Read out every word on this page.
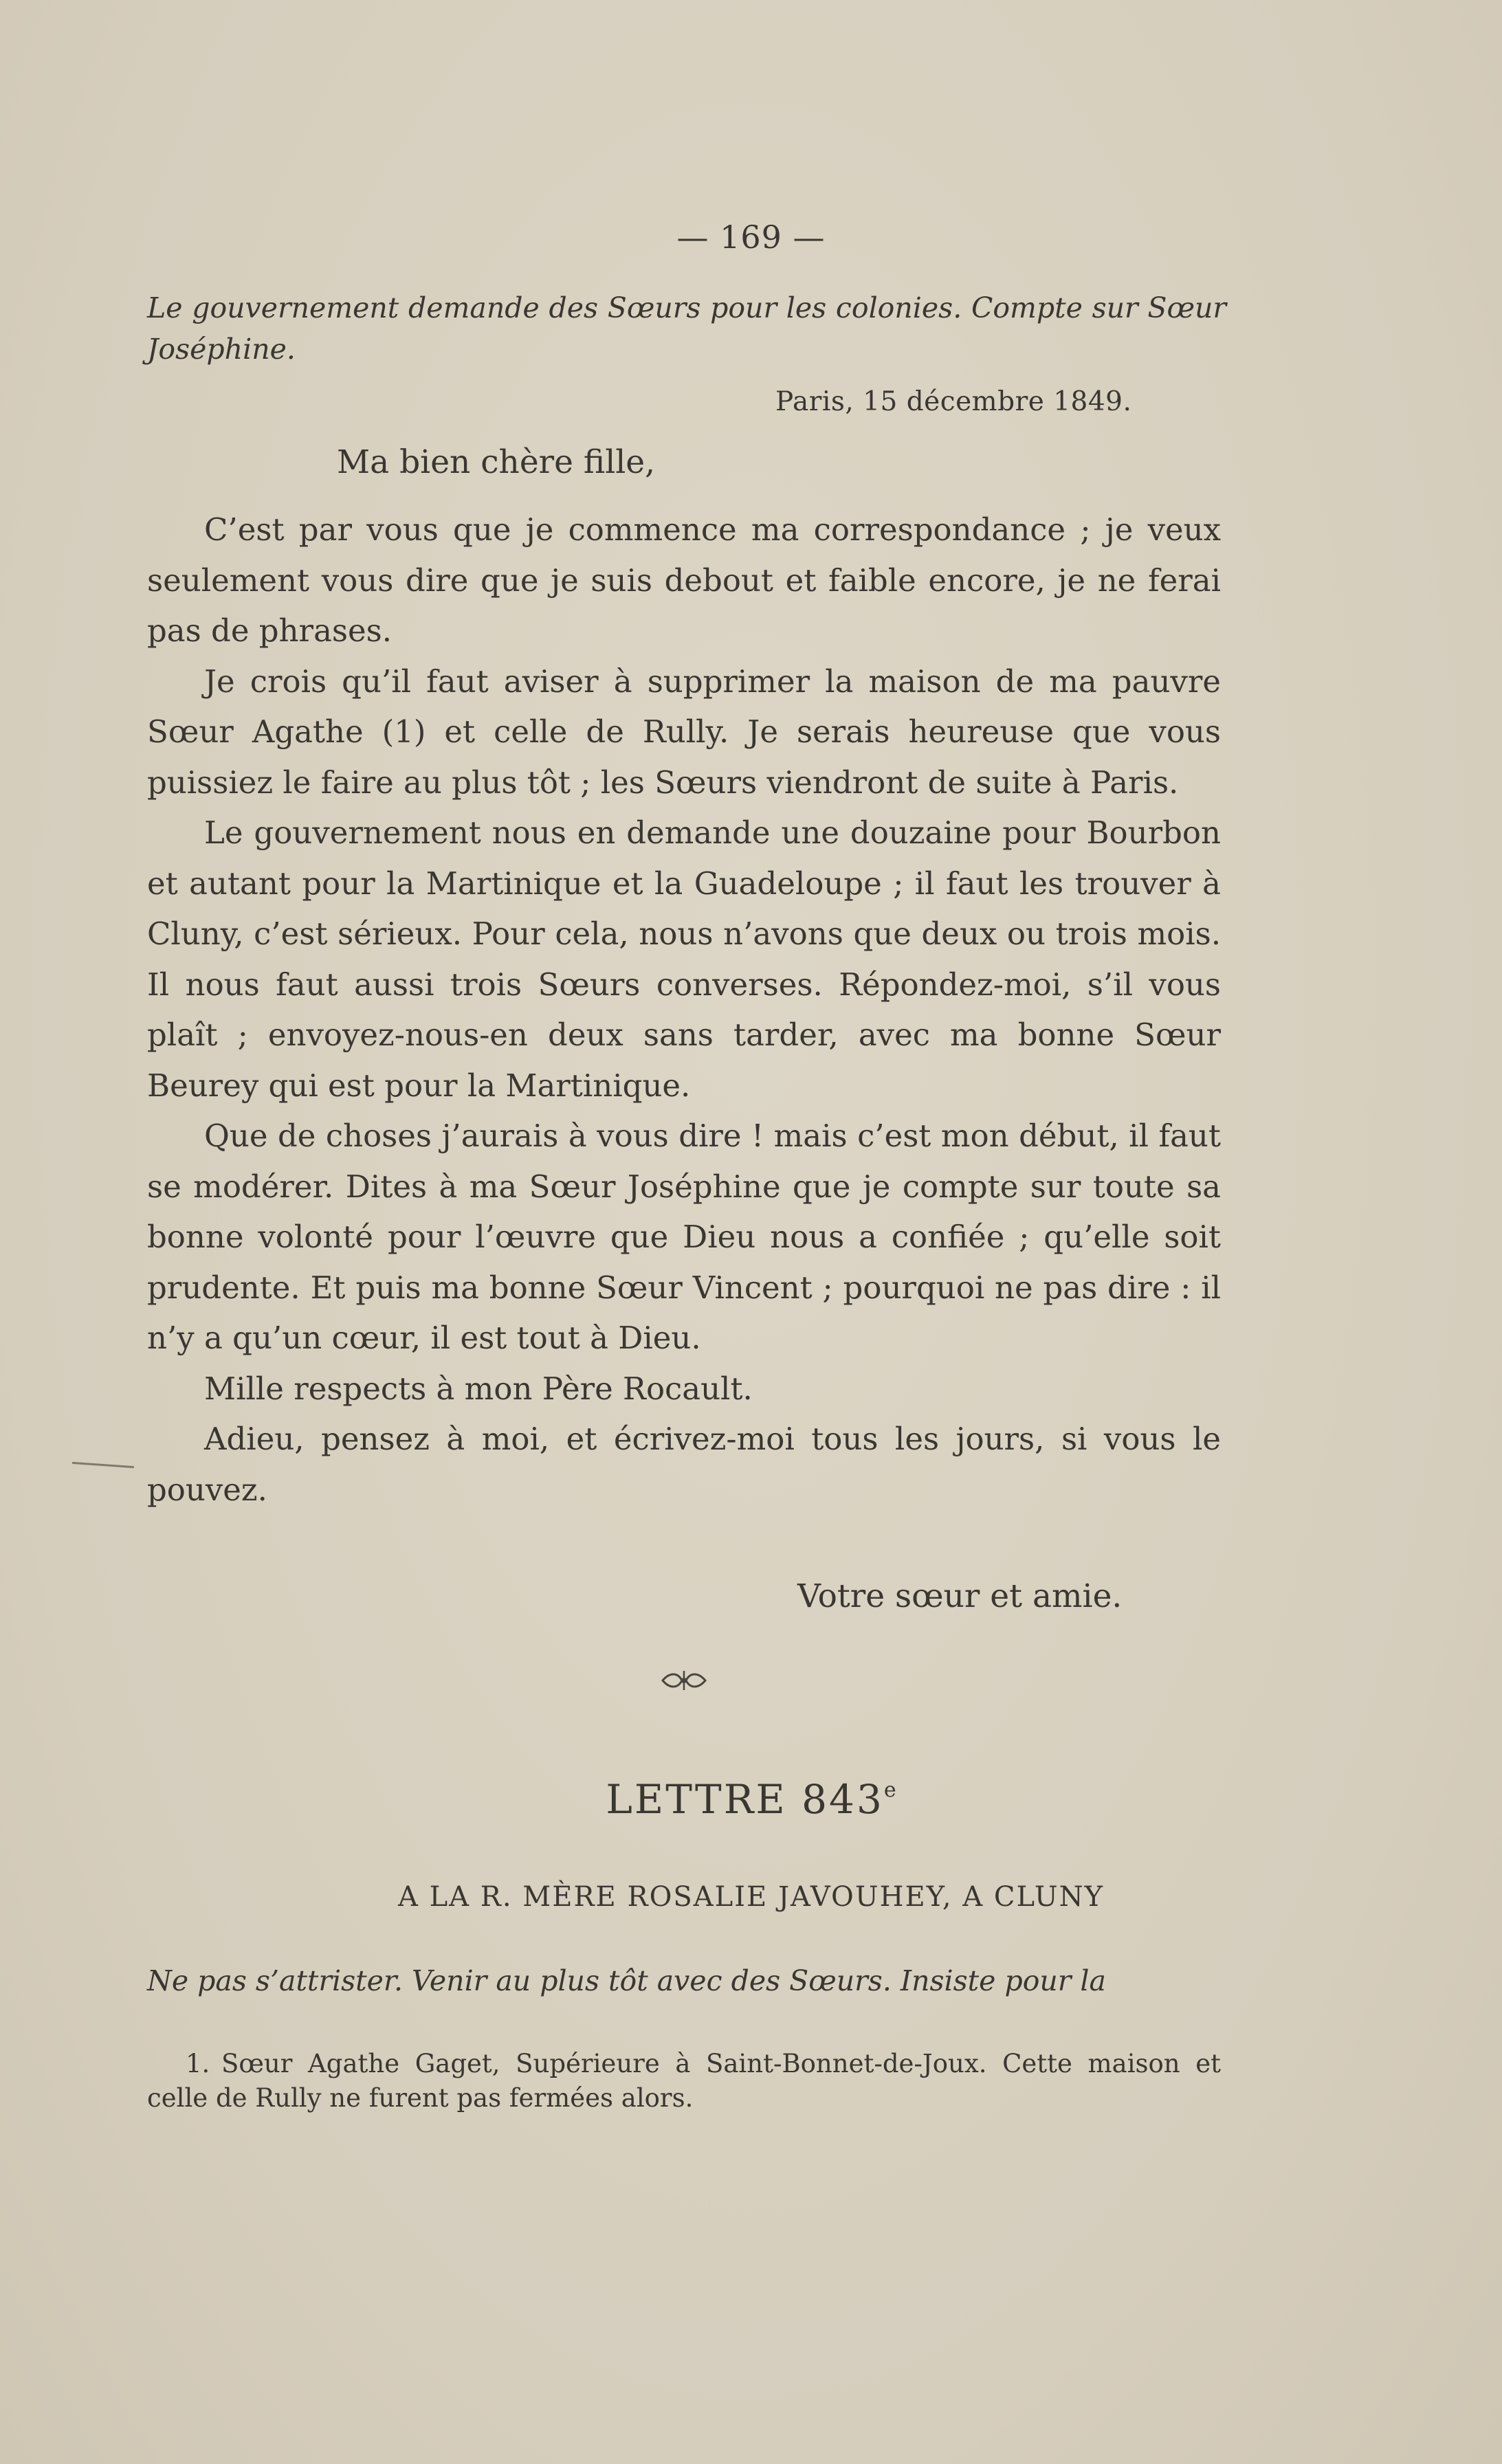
— 169 —
Le gouvernement demande des Sœurs pour les colonies. Compte sur Sœur Joséphine.
Paris, 15 décembre 1849.
Ma bien chère fille,

C’est par vous que je commence ma correspondance ; je veux seulement vous dire que je suis debout et faible encore, je ne ferai pas de phrases.

Je crois qu’il faut aviser à supprimer la maison de ma pauvre Sœur Agathe (1) et celle de Rully. Je serais heureuse que vous puissiez le faire au plus tôt ; les Sœurs viendront de suite à Paris.

Le gouvernement nous en demande une douzaine pour Bourbon et autant pour la Martinique et la Guadeloupe ; il faut les trouver à Cluny, c’est sérieux. Pour cela, nous n’avons que deux ou trois mois. Il nous faut aussi trois Sœurs converses. Répondez-moi, s’il vous plaît ; envoyez-nous-en deux sans tarder, avec ma bonne Sœur Beurey qui est pour la Martinique.

Que de choses j’aurais à vous dire ! mais c’est mon début, il faut se modérer. Dites à ma Sœur Joséphine que je compte sur toute sa bonne volonté pour l’œuvre que Dieu nous a confiée ; qu’elle soit prudente. Et puis ma bonne Sœur Vincent ; pourquoi ne pas dire : il n’y a qu’un cœur, il est tout à Dieu.

Mille respects à mon Père Rocault.

Adieu, pensez à moi, et écrivez-moi tous les jours, si vous le pouvez.

Votre sœur et amie.
LETTRE 843e
A LA R. MÈRE ROSALIE JAVOUHEY, A CLUNY
Ne pas s’attrister. Venir au plus tôt avec des Sœurs. Insiste pour la
1. Sœur Agathe Gaget, Supérieure à Saint-Bonnet-de-Joux. Cette maison et celle de Rully ne furent pas fermées alors.
